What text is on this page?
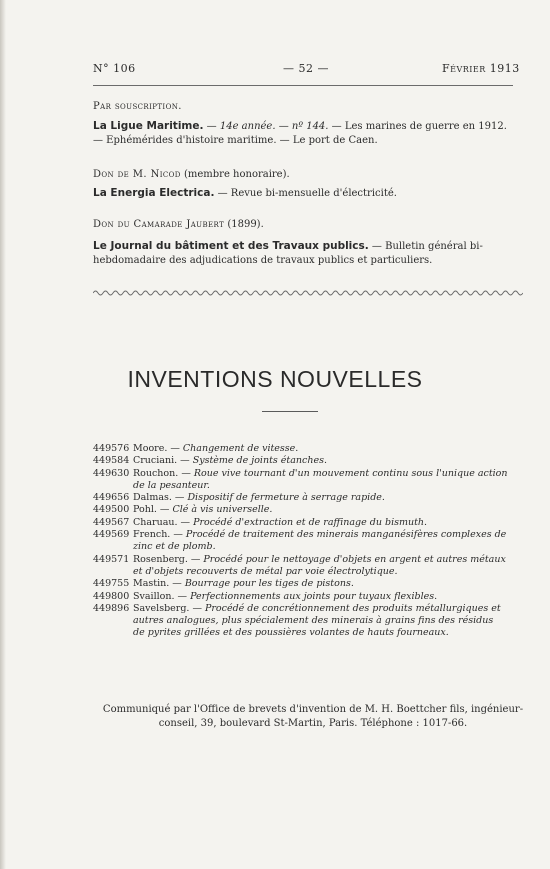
N° 106	— 52 —	Février 1913
Par souscription.
La Ligue Maritime. — 14e année. — nº 144. — Les marines de guerre en 1912.
— Ephémérides d'histoire maritime. — Le port de Caen.
Don de M. Nicod (membre honoraire).
La Energia Electrica. — Revue bi-mensuelle d'électricité.
Don du Camarade Jaubert (1899).
Le Journal du bâtiment et des Travaux publics. — Bulletin général bi-
hebdomadaire des adjudications de travaux publics et particuliers.
INVENTIONS NOUVELLES
449576 Moore. — Changement de vitesse.
449584 Cruciani. — Système de joints étanches.
449630 Rouchon. — Roue vive tournant d'un mouvement continu sous l'unique action
de la pesanteur.
449656 Dalmas. — Dispositif de fermeture à serrage rapide.
449500 Pohl. — Clé à vis universelle.
449567 Charuau. — Procédé d'extraction et de raffinage du bismuth.
449569 French. — Procédé de traitement des minerais manganésifères complexes de
zinc et de plomb.
449571 Rosenberg. — Procédé pour le nettoyage d'objets en argent et autres métaux
et d'objets recouverts de métal par voie électrolytique.
449755 Mastin. — Bourrage pour les tiges de pistons.
449800 Svaillon. — Perfectionnements aux joints pour tuyaux flexibles.
449896 Savelsberg. — Procédé de concrétionnement des produits métallurgiques et
autres analogues, plus spécialement des minerais à grains fins des résidus
de pyrites grillées et des poussières volantes de hauts fourneaux.
Communiqué par l'Office de brevets d'invention de M. H. Boettcher fils, ingénieur-
conseil, 39, boulevard St-Martin, Paris. Téléphone : 1017-66.
